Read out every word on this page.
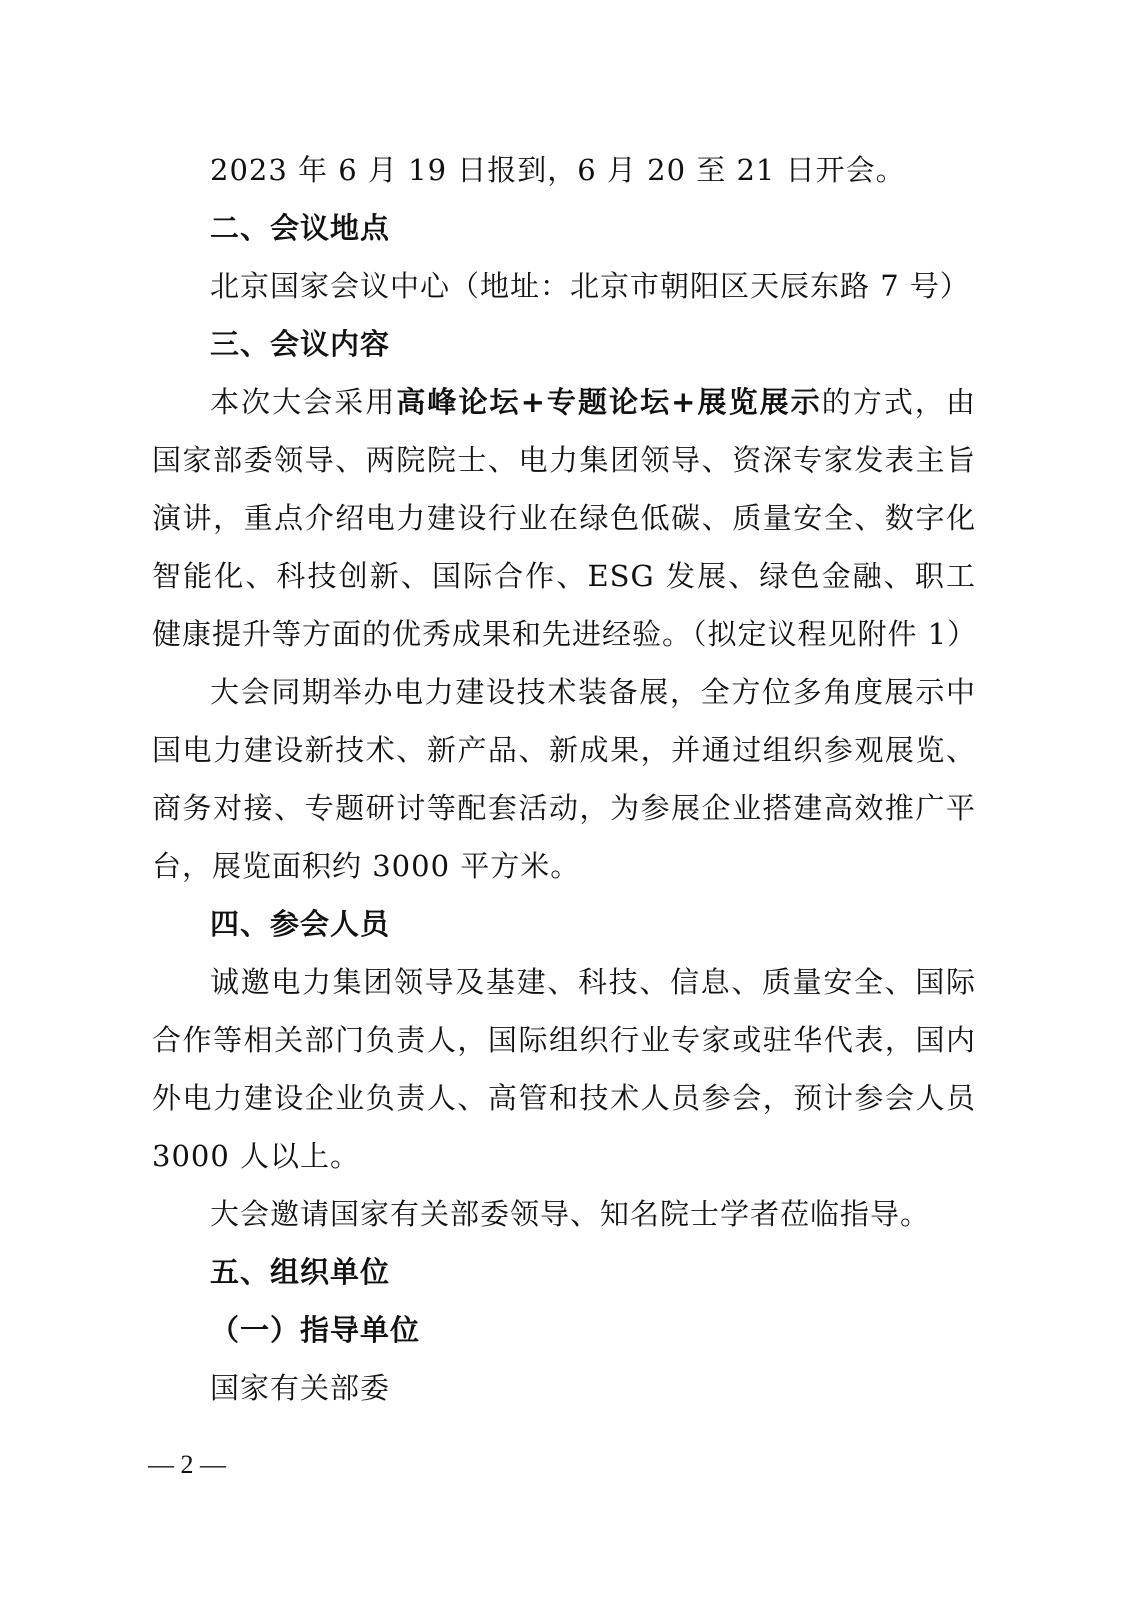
2023 年 6 月 19 日报到，6 月 20 至 21 日开会。

二、会议地点

北京国家会议中心（地址：北京市朝阳区天辰东路 7 号）

三、会议内容

本次大会采用高峰论坛+专题论坛+展览展示的方式，由国家部委领导、两院院士、电力集团领导、资深专家发表主旨演讲，重点介绍电力建设行业在绿色低碳、质量安全、数字化智能化、科技创新、国际合作、ESG 发展、绿色金融、职工健康提升等方面的优秀成果和先进经验。（拟定议程见附件 1）

大会同期举办电力建设技术装备展，全方位多角度展示中国电力建设新技术、新产品、新成果，并通过组织参观展览、商务对接、专题研讨等配套活动，为参展企业搭建高效推广平台，展览面积约 3000 平方米。

四、参会人员

诚邀电力集团领导及基建、科技、信息、质量安全、国际合作等相关部门负责人，国际组织行业专家或驻华代表，国内外电力建设企业负责人、高管和技术人员参会，预计参会人员 3000 人以上。

大会邀请国家有关部委领导、知名院士学者莅临指导。

五、组织单位

（一）指导单位

国家有关部委

— 2 —
